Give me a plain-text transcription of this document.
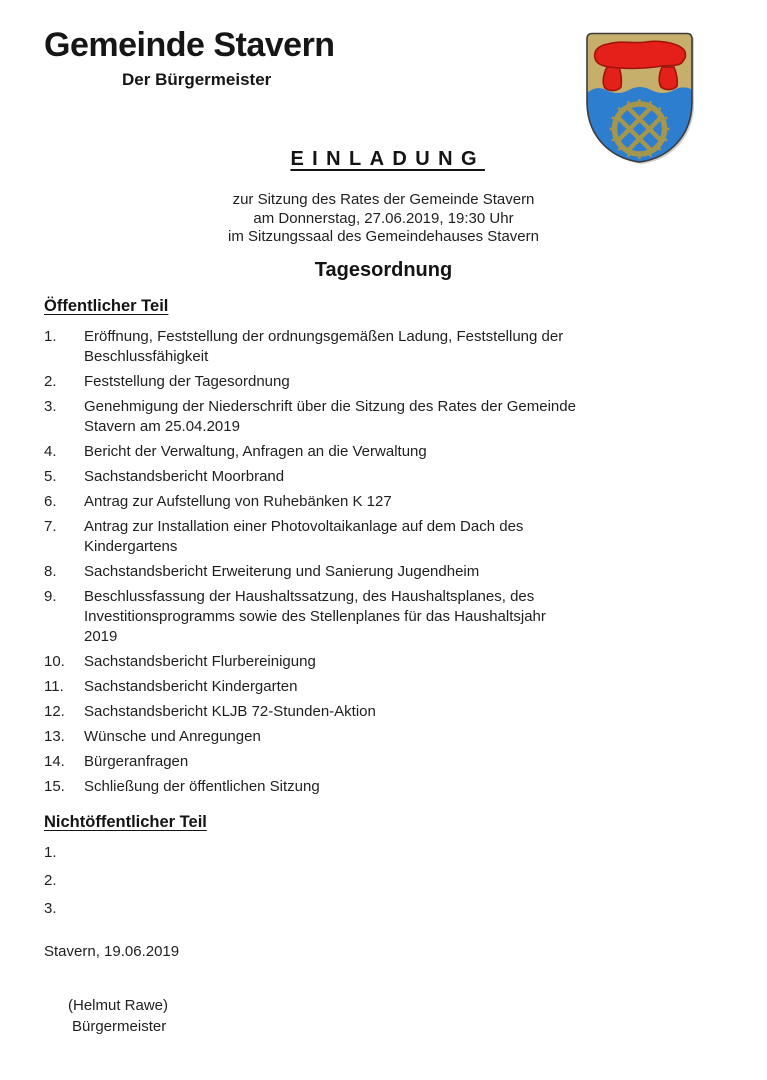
Gemeinde Stavern
Der Bürgermeister
EINLADUNG
zur Sitzung des Rates der Gemeinde Stavern
am Donnerstag, 27.06.2019, 19:30 Uhr
im Sitzungssaal des Gemeindehauses Stavern
Tagesordnung
Öffentlicher Teil
1.	Eröffnung, Feststellung der ordnungsgemäßen Ladung, Feststellung der
Beschlussfähigkeit
2.	Feststellung der Tagesordnung
3.	Genehmigung der Niederschrift über die Sitzung des Rates der Gemeinde
Stavern am 25.04.2019
4.	Bericht der Verwaltung, Anfragen an die Verwaltung
5.	Sachstandsbericht Moorbrand
6.	Antrag zur Aufstellung von Ruhebänken K 127
7.	Antrag zur Installation einer Photovoltaikanlage auf dem Dach des
Kindergartens
8.	Sachstandsbericht Erweiterung und Sanierung Jugendheim
9.	Beschlussfassung der Haushaltssatzung, des Haushaltsplanes, des
Investitionsprogramms sowie des Stellenplanes für das Haushaltsjahr
2019
10.	Sachstandsbericht Flurbereinigung
11.	Sachstandsbericht Kindergarten
12.	Sachstandsbericht KLJB 72-Stunden-Aktion
13.	Wünsche und Anregungen
14.	Bürgeranfragen
15.	Schließung der öffentlichen Sitzung
Nichtöffentlicher Teil
1.
2.
3.
Stavern, 19.06.2019
(Helmut Rawe)
Bürgermeister
